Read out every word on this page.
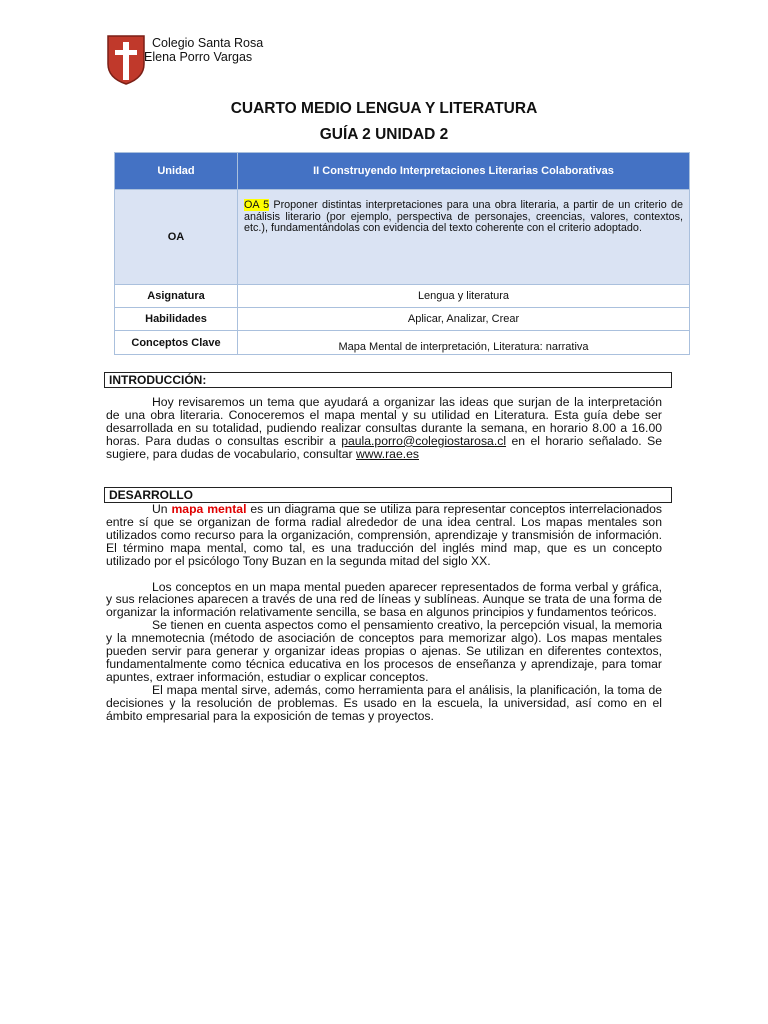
Colegio Santa Rosa
Elena Porro Vargas
CUARTO MEDIO LENGUA Y LITERATURA
GUÍA 2 UNIDAD 2
Unidad	II Construyendo Interpretaciones Literarias Colaborativas
OA	OA 5 Proponer distintas interpretaciones para una obra literaria, a partir de un criterio de análisis literario (por ejemplo, perspectiva de personajes, creencias, valores, contextos, etc.), fundamentándolas con evidencia del texto coherente con el criterio adoptado.
Asignatura	Lengua y literatura
Habilidades	Aplicar, Analizar, Crear
Conceptos Clave	Mapa Mental de interpretación, Literatura: narrativa
INTRODUCCIÓN:

Hoy revisaremos un tema que ayudará a organizar las ideas que surjan de la interpretación de una obra literaria. Conoceremos el mapa mental y su utilidad en Literatura. Esta guía debe ser desarrollada en su totalidad, pudiendo realizar consultas durante la semana, en horario 8.00 a 16.00 horas. Para dudas o consultas escribir a paula.porro@colegiostarosa.cl en el horario señalado. Se sugiere, para dudas de vocabulario, consultar www.rae.es

DESARROLLO

Un mapa mental es un diagrama que se utiliza para representar conceptos interrelacionados entre sí que se organizan de forma radial alrededor de una idea central. Los mapas mentales son utilizados como recurso para la organización, comprensión, aprendizaje y transmisión de información. El término mapa mental, como tal, es una traducción del inglés mind map, que es un concepto utilizado por el psicólogo Tony Buzan en la segunda mitad del siglo XX.

Los conceptos en un mapa mental pueden aparecer representados de forma verbal y gráfica, y sus relaciones aparecen a través de una red de líneas y sublíneas. Aunque se trata de una forma de organizar la información relativamente sencilla, se basa en algunos principios y fundamentos teóricos.

Se tienen en cuenta aspectos como el pensamiento creativo, la percepción visual, la memoria y la mnemotecnia (método de asociación de conceptos para memorizar algo). Los mapas mentales pueden servir para generar y organizar ideas propias o ajenas. Se utilizan en diferentes contextos, fundamentalmente como técnica educativa en los procesos de enseñanza y aprendizaje, para tomar apuntes, extraer información, estudiar o explicar conceptos.

El mapa mental sirve, además, como herramienta para el análisis, la planificación, la toma de decisiones y la resolución de problemas. Es usado en la escuela, la universidad, así como en el ámbito empresarial para la exposición de temas y proyectos.
